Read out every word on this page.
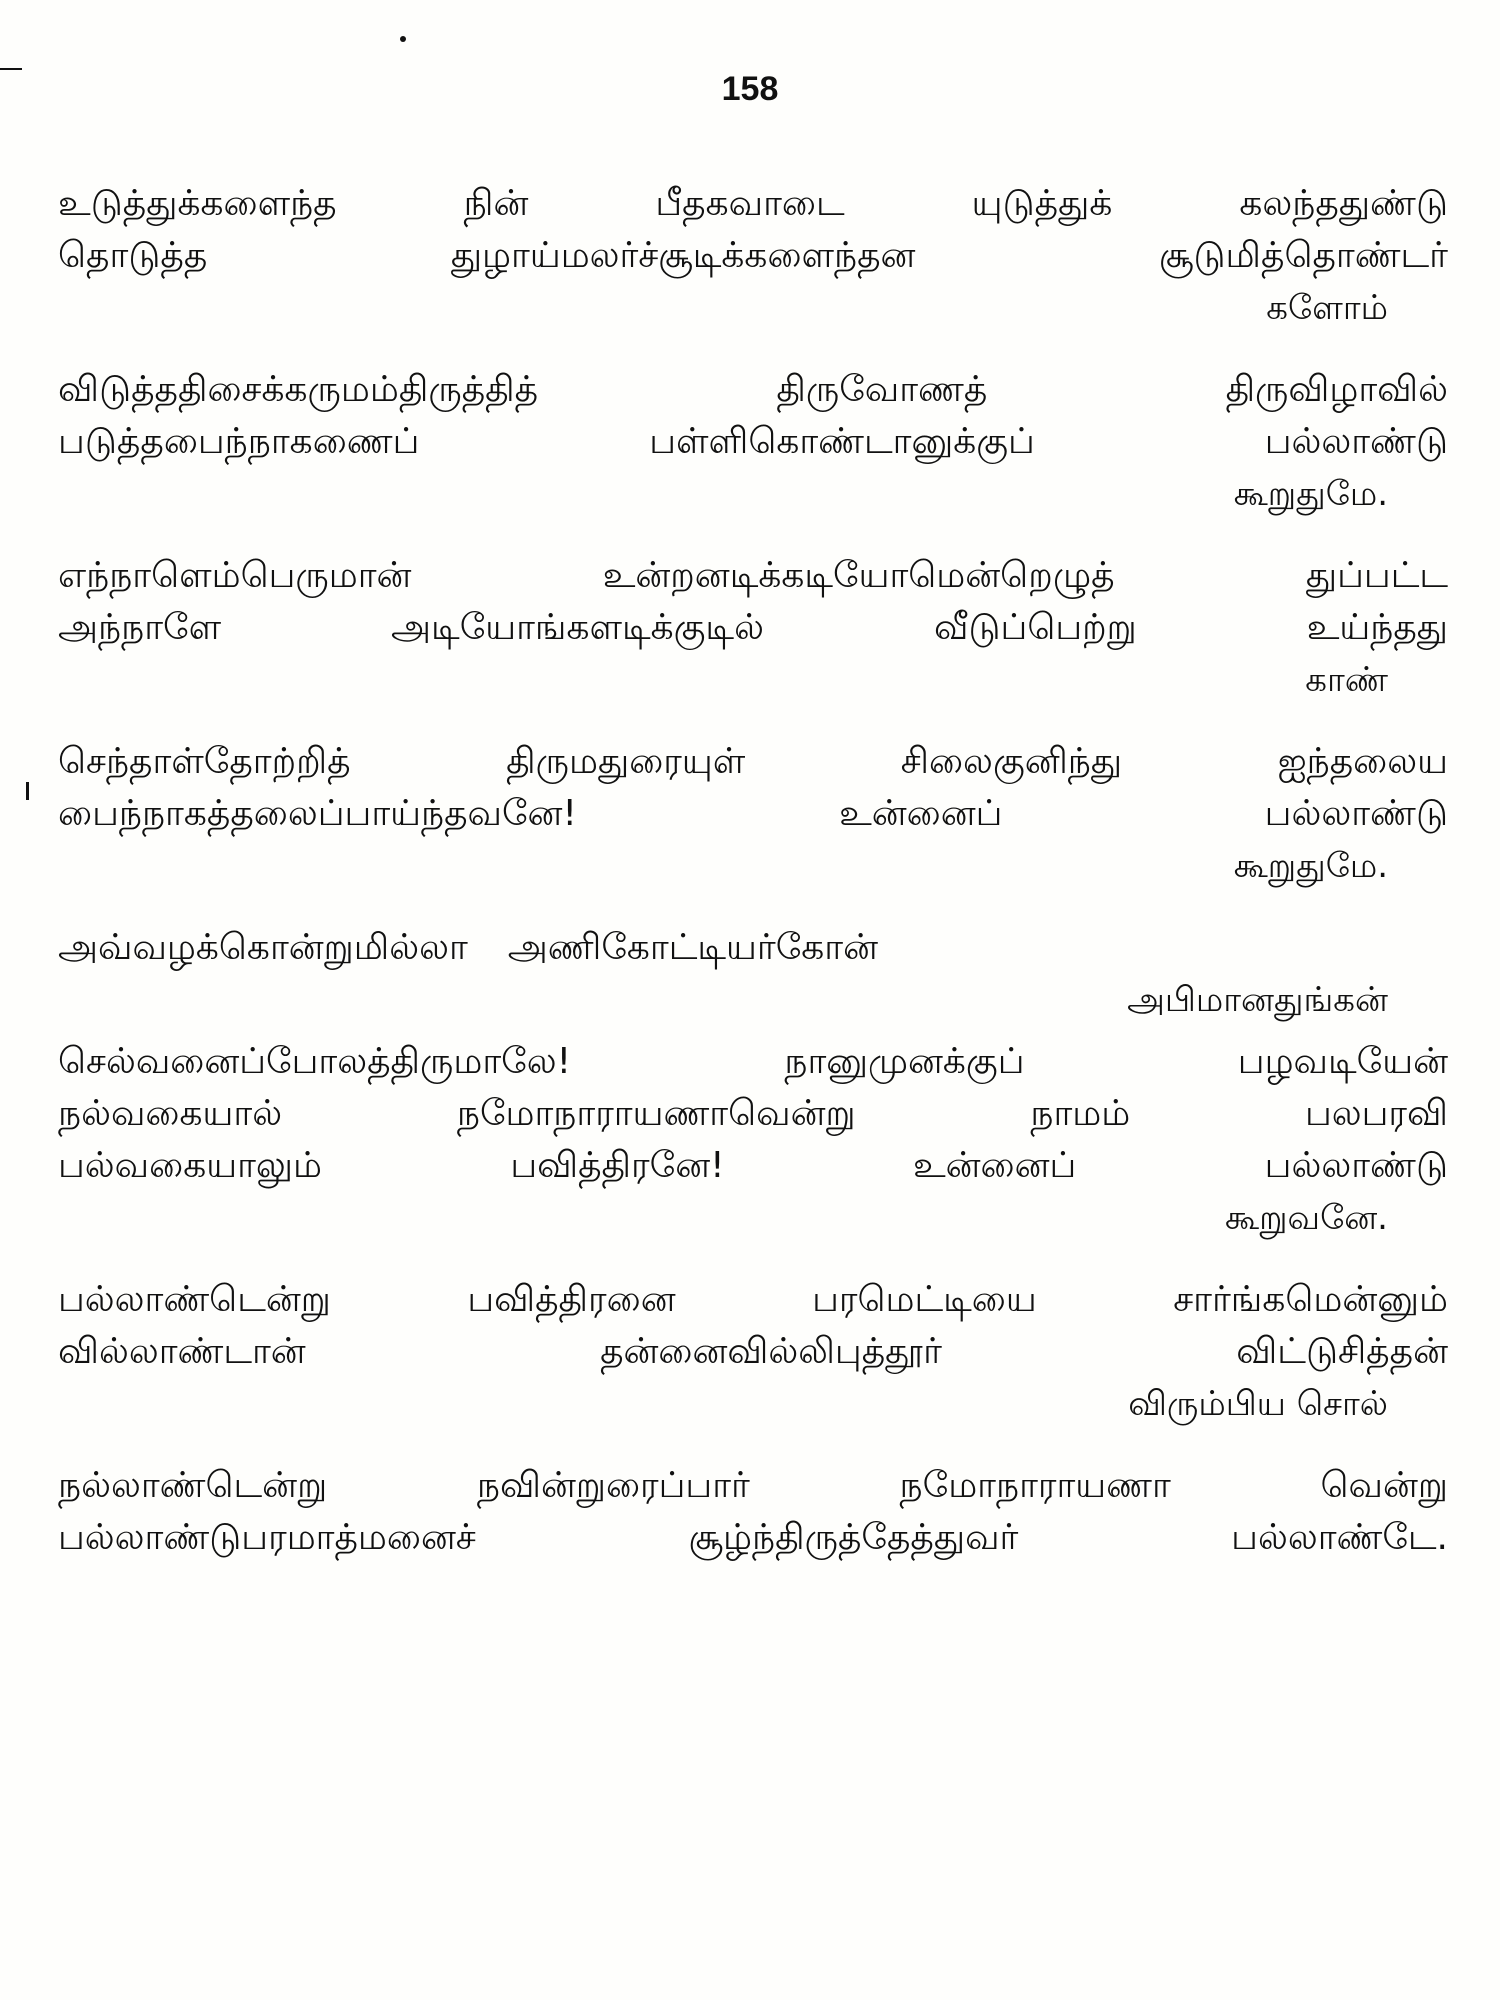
158
உடுத்துக்களைந்த	நின்	பீதகவாடை	யுடுத்துக்	கலந்ததுண்டு
தொடுத்த	துழாய்மலர்ச்சூடிக்களைந்தன	சூடுமித்தொண்டர்
களோம்
விடுத்ததிசைக்கருமம்திருத்தித்	திருவோணத்	திருவிழாவில்
படுத்தபைந்நாகணைப்	பள்ளிகொண்டானுக்குப்	பல்லாண்டு
கூறுதுமே.
எந்நாளெம்பெருமான்	உன்றனடிக்கடியோமென்றெழுத்	துப்பட்ட
அந்நாளே	அடியோங்களடிக்குடில்	வீடுப்பெற்று	உய்ந்தது
காண்
செந்தாள்தோற்றித்	திருமதுரையுள்	சிலைகுனிந்து	ஐந்தலைய
பைந்நாகத்தலைப்பாய்ந்தவனே!	உன்னைப்	பல்லாண்டு
கூறுதுமே.
அவ்வழக்கொன்றுமில்லா அணிகோட்டியர்கோன்
அபிமானதுங்கன்
செல்வனைப்போலத்திருமாலே!	நானுமுனக்குப்	பழவடியேன்
நல்வகையால்	நமோநாராயணாவென்று	நாமம்	பலபரவி
பல்வகையாலும்	பவித்திரனே!	உன்னைப்	பல்லாண்டு
கூறுவனே.
பல்லாண்டென்று	பவித்திரனை	பரமெட்டியை	சார்ங்கமென்னும்
வில்லாண்டான்	தன்னைவில்லிபுத்தூர்	விட்டுசித்தன்
விரும்பிய சொல்
நல்லாண்டென்று	நவின்றுரைப்பார்	நமோநாராயணா	வென்று
பல்லாண்டுபரமாத்மனைச்	சூழ்ந்திருத்தேத்துவர்	பல்லாண்டே.
